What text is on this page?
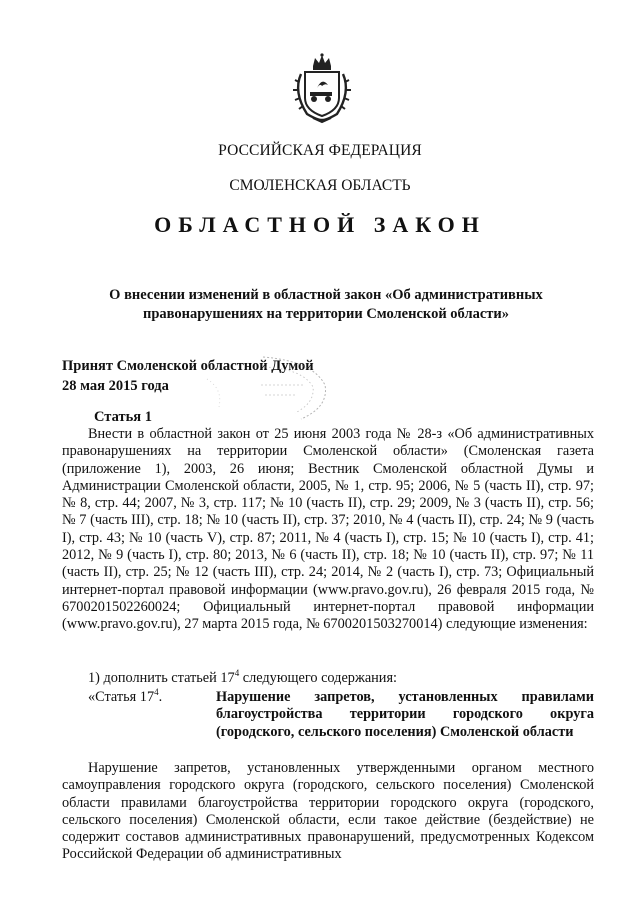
РОССИЙСКАЯ ФЕДЕРАЦИЯ
СМОЛЕНСКАЯ ОБЛАСТЬ
ОБЛАСТНОЙ ЗАКОН
О внесении изменений в областной закон «Об административных правонарушениях на территории Смоленской области»
Принят Смоленской областной Думой
28 мая 2015 года
Статья 1
Внести в областной закон от 25 июня 2003 года № 28-з «Об административных правонарушениях на территории Смоленской области» (Смоленская газета (приложение 1), 2003, 26 июня; Вестник Смоленской областной Думы и Администрации Смоленской области, 2005, № 1, стр. 95; 2006, № 5 (часть II), стр. 97; № 8, стр. 44; 2007, № 3, стр. 117; № 10 (часть II), стр. 29; 2009, № 3 (часть II), стр. 56; № 7 (часть III), стр. 18; № 10 (часть II), стр. 37; 2010, № 4 (часть II), стр. 24; № 9 (часть I), стр. 43; № 10 (часть V), стр. 87; 2011, № 4 (часть I), стр. 15; № 10 (часть I), стр. 41; 2012, № 9 (часть I), стр. 80; 2013, № 6 (часть II), стр. 18; № 10 (часть II), стр. 97; № 11 (часть II), стр. 25; № 12 (часть III), стр. 24; 2014, № 2 (часть I), стр. 73; Официальный интернет-портал правовой информации (www.pravo.gov.ru), 26 февраля 2015 года, № 6700201502260024; Официальный интернет-портал правовой информации (www.pravo.gov.ru), 27 марта 2015 года, № 6700201503270014) следующие изменения:
1) дополнить статьей $17^4$ следующего содержания:
«Статья $17^4$.	Нарушение запретов, установленных правилами благоустройства территории городского округа (городского, сельского поселения) Смоленской области
Нарушение запретов, установленных утвержденными органом местного самоуправления городского округа (городского, сельского поселения) Смоленской области правилами благоустройства территории городского округа (городского, сельского поселения) Смоленской области, если такое действие (бездействие) не содержит составов административных правонарушений, предусмотренных Кодексом Российской Федерации об административных
